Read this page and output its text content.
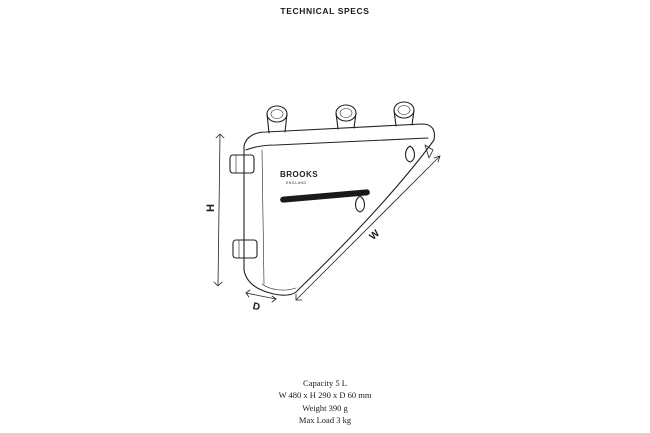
TECHNICAL SPECS
BROOKS
ENGLAND
H
W
D
Capacity 5 L
W 480 x H 290 x D 60 mm
Weight 390 g
Max Load 3 kg
